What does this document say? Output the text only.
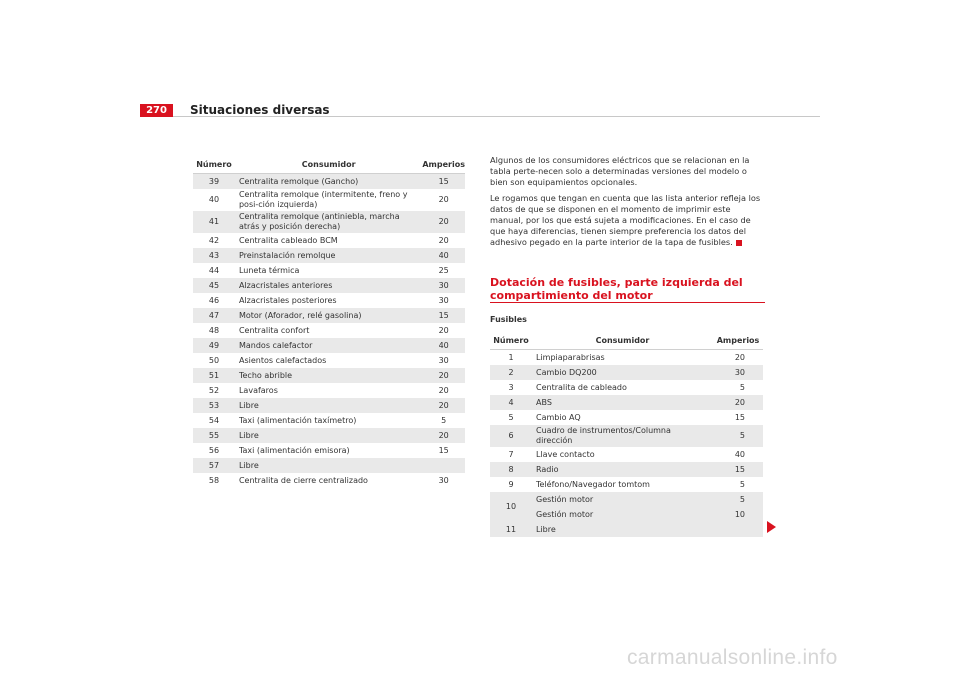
270	Situaciones diversas
Número	Consumidor	Amperios
39	Centralita remolque (Gancho)	15
40	Centralita remolque (intermitente, freno y posi-ción izquierda)	20
41	Centralita remolque (antiniebla, marcha atrás y posición derecha)	20
42	Centralita cableado BCM	20
43	Preinstalación remolque	40
44	Luneta térmica	25
45	Alzacristales anteriores	30
46	Alzacristales posteriores	30
47	Motor (Aforador, relé gasolina)	15
48	Centralita confort	20
49	Mandos calefactor	40
50	Asientos calefactados	30
51	Techo abrible	20
52	Lavafaros	20
53	Libre	20
54	Taxi (alimentación taxímetro)	5
55	Libre	20
56	Taxi (alimentación emisora)	15
57	Libre	
58	Centralita de cierre centralizado	30

Algunos de los consumidores eléctricos que se relacionan en la tabla perte-necen solo a determinadas versiones del modelo o bien son equipamientos opcionales.

Le rogamos que tengan en cuenta que las lista anterior refleja los datos de que se disponen en el momento de imprimir este manual, por los que está sujeta a modificaciones. En el caso de que haya diferencias, tienen siempre preferencia los datos del adhesivo pegado en la parte interior de la tapa de fusibles.

Dotación de fusibles, parte izquierda del compartimiento del motor
Fusibles
Número	Consumidor	Amperios
1	Limpiaparabrisas	20
2	Cambio DQ200	30
3	Centralita de cableado	5
4	ABS	20
5	Cambio AQ	15
6	Cuadro de instrumentos/Columna dirección	5
7	Llave contacto	40
8	Radio	15
9	Teléfono/Navegador tomtom	5
10	Gestión motor	5
	Gestión motor	10
11	Libre	
carmanualsonline.info
